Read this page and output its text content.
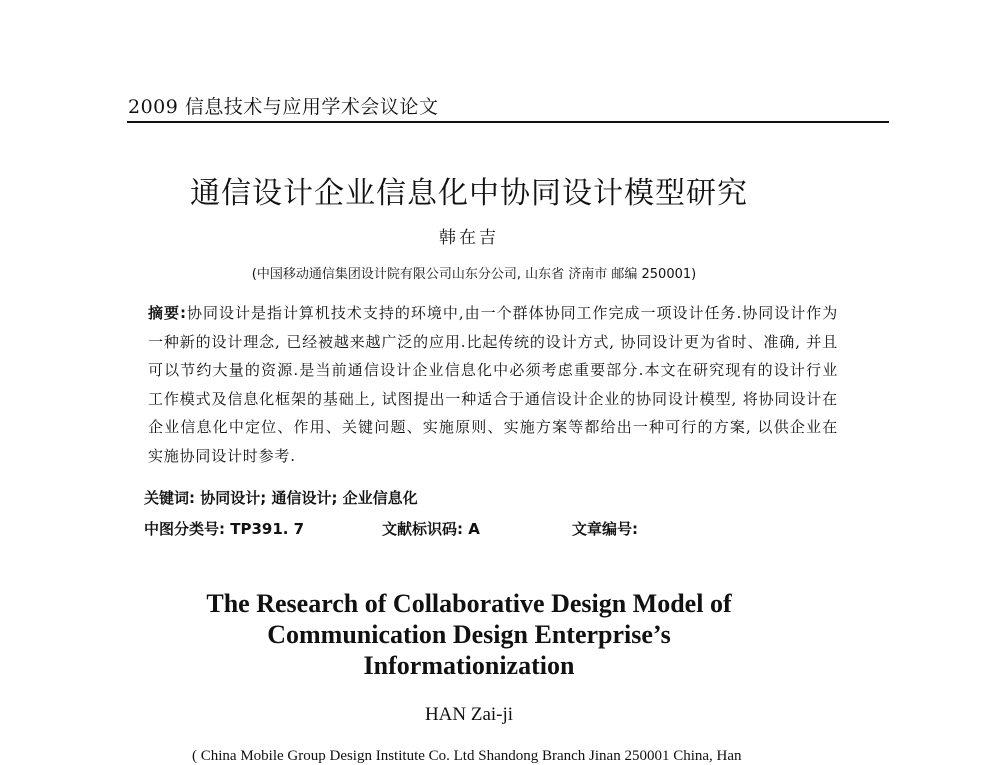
2009 信息技术与应用学术会议论文
通信设计企业信息化中协同设计模型研究
韩在吉
(中国移动通信集团设计院有限公司山东分公司, 山东省 济南市 邮编 250001)
摘要:协同设计是指计算机技术支持的环境中,由一个群体协同工作完成一项设计任务.协同设计作为一种新的设计理念, 已经被越来越广泛的应用.比起传统的设计方式, 协同设计更为省时、准确, 并且可以节约大量的资源.是当前通信设计企业信息化中必须考虑重要部分.本文在研究现有的设计行业工作模式及信息化框架的基础上, 试图提出一种适合于通信设计企业的协同设计模型, 将协同设计在企业信息化中定位、作用、关键问题、实施原则、实施方案等都给出一种可行的方案, 以供企业在实施协同设计时参考.
关键词: 协同设计; 通信设计; 企业信息化
中图分类号: TP391. 7	文献标识码: A	文章编号:
The Research of Collaborative Design Model of
Communication Design Enterprise’s
Informationization
HAN Zai-ji
( China Mobile Group Design Institute Co. Ltd Shandong Branch Jinan 250001 China, Han
